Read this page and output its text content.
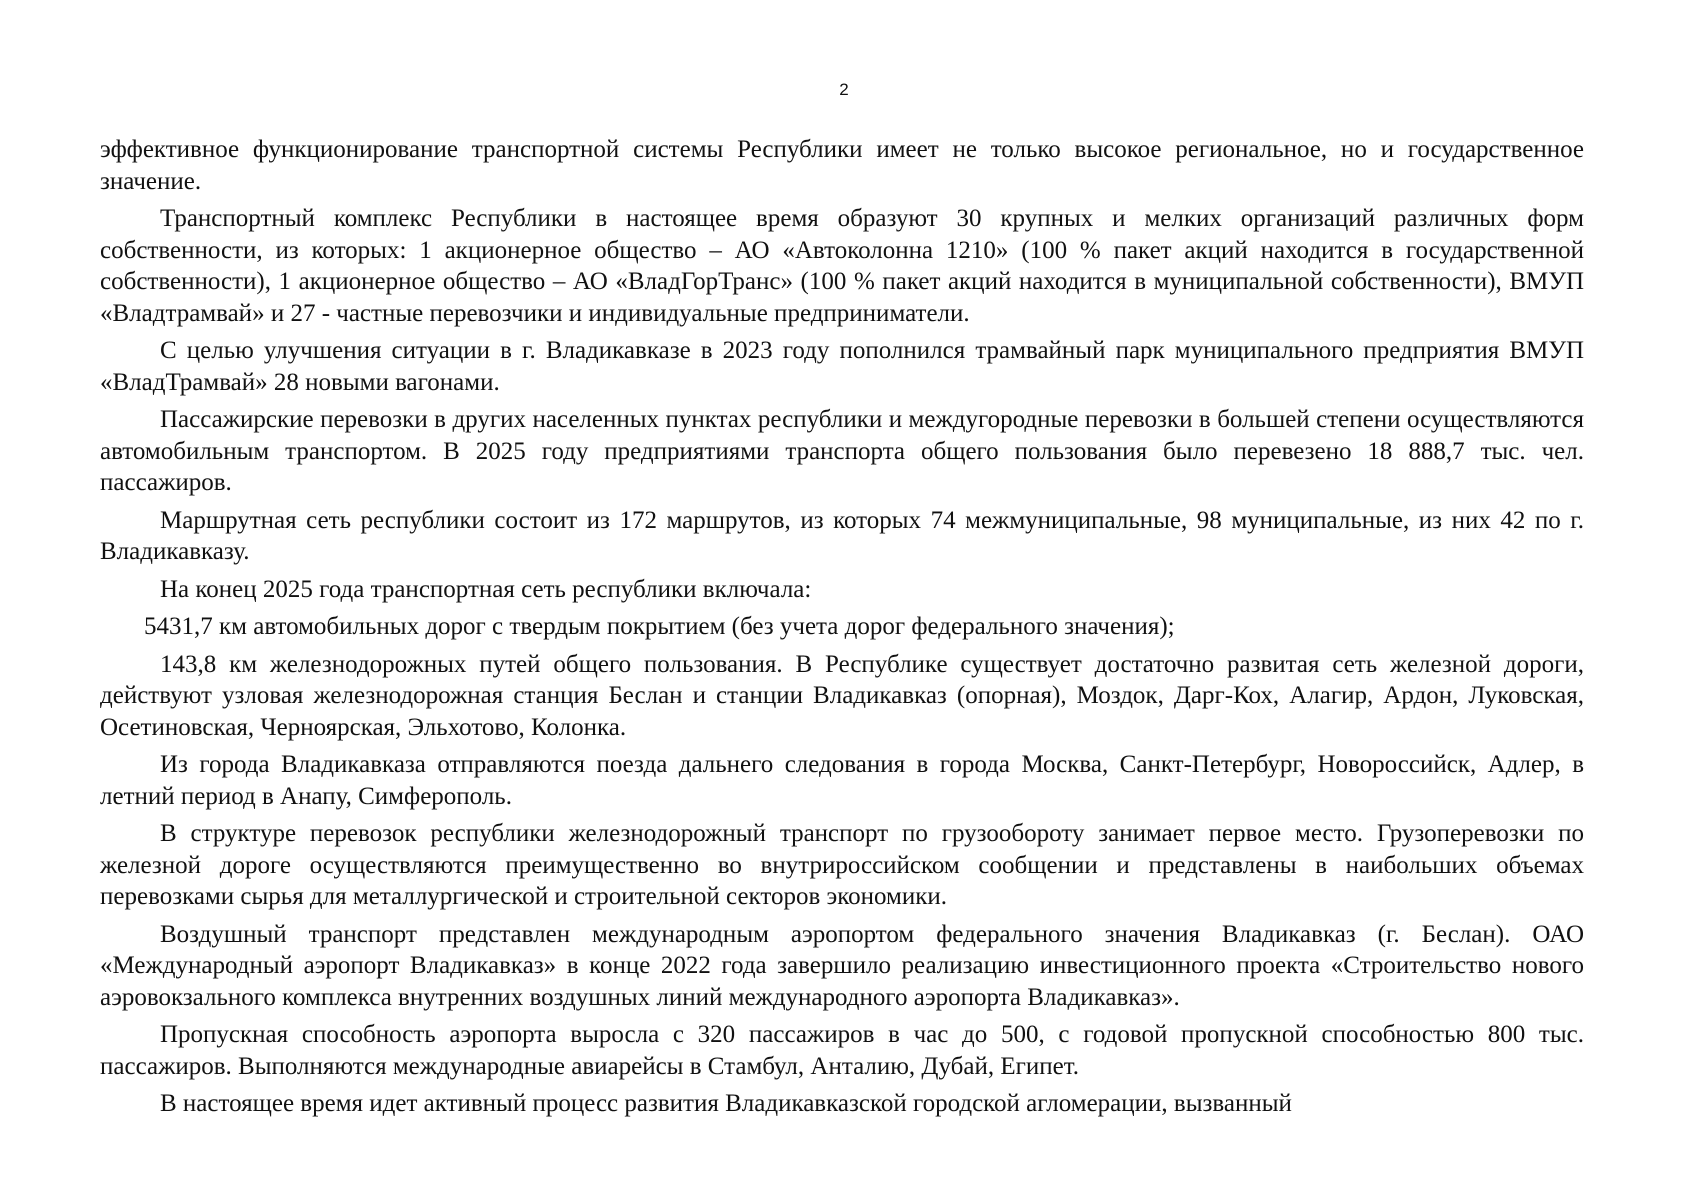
2

эффективное функционирование транспортной системы Республики имеет не только высокое региональное, но и государственное значение.

Транспортный комплекс Республики в настоящее время образуют 30 крупных и мелких организаций различных форм собственности, из которых: 1 акционерное общество – АО «Автоколонна 1210» (100 % пакет акций находится в государственной собственности), 1 акционерное общество – АО «ВладГорТранс» (100 % пакет акций находится в муниципальной собственности), ВМУП «Владтрамвай» и 27 - частные перевозчики и индивидуальные предприниматели.

С целью улучшения ситуации в г. Владикавказе в 2023 году пополнился трамвайный парк муниципального предприятия ВМУП «ВладТрамвай» 28 новыми вагонами.

Пассажирские перевозки в других населенных пунктах республики и междугородные перевозки в большей степени осуществляются автомобильным транспортом. В 2025 году предприятиями транспорта общего пользования было перевезено 18 888,7 тыс. чел. пассажиров.

Маршрутная сеть республики состоит из 172 маршрутов, из которых 74 межмуниципальные, 98 муниципальные, из них 42 по г. Владикавказу.

На конец 2025 года транспортная сеть республики включала:

5431,7 км автомобильных дорог с твердым покрытием (без учета дорог федерального значения);

143,8 км железнодорожных путей общего пользования. В Республике существует достаточно развитая сеть железной дороги, действуют узловая железнодорожная станция Беслан и станции Владикавказ (опорная), Моздок, Дарг-Кох, Алагир, Ардон, Луковская, Осетиновская, Черноярская, Эльхотово, Колонка.

Из города Владикавказа отправляются поезда дальнего следования в города Москва, Санкт-Петербург, Новороссийск, Адлер, в летний период в Анапу, Симферополь.

В структуре перевозок республики железнодорожный транспорт по грузообороту занимает первое место. Грузоперевозки по железной дороге осуществляются преимущественно во внутрироссийском сообщении и представлены в наибольших объемах перевозками сырья для металлургической и строительной секторов экономики.

Воздушный транспорт представлен международным аэропортом федерального значения Владикавказ (г. Беслан). ОАО «Международный аэропорт Владикавказ» в конце 2022 года завершило реализацию инвестиционного проекта «Строительство нового аэровокзального комплекса внутренних воздушных линий международного аэропорта Владикавказ».

Пропускная способность аэропорта выросла с 320 пассажиров в час до 500, с годовой пропускной способностью 800 тыс. пассажиров. Выполняются международные авиарейсы в Стамбул, Анталию, Дубай, Египет.

В настоящее время идет активный процесс развития Владикавказской городской агломерации, вызванный
